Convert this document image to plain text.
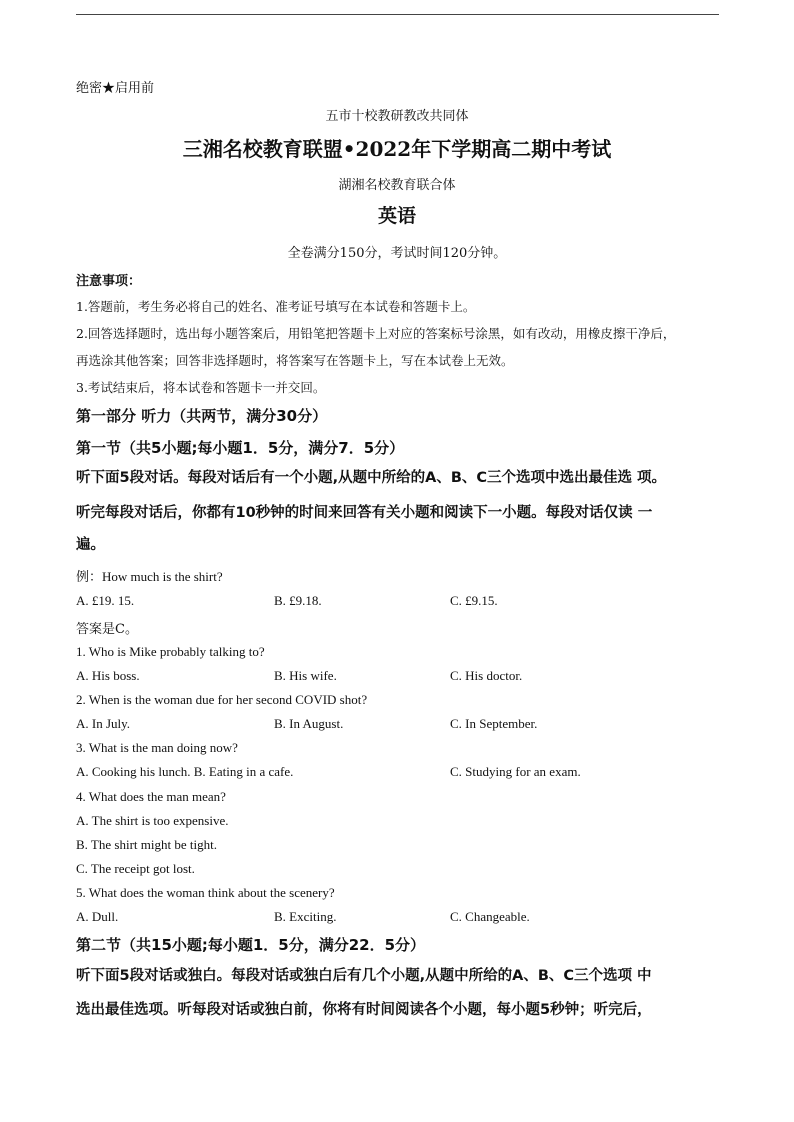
绝密★启用前
五市十校教研教改共同体
三湘名校教育联盟•2022年下学期高二期中考试
湖湘名校教育联合体
英语
全卷满分150分，考试时间120分钟。
注意事项：
1.答题前，考生务必将自己的姓名、准考证号填写在本试卷和答题卡上。
2.回答选择题时，选出每小题答案后，用铅笔把答题卡上对应的答案标号涂黑，如有改动，用橡皮擦干净后，
再选涂其他答案；回答非选择题时，将答案写在答题卡上，写在本试卷上无效。
3.考试结束后，将本试卷和答题卡一并交回。
第一部分 听力（共两节，满分30分）
第一节（共5小题;每小题1．5分，满分7．5分）
听下面5段对话。每段对话后有一个小题,从题中所给的A、B、C三个选项中选出最佳选 项。
听完每段对话后，你都有10秒钟的时间来回答有关小题和阅读下一小题。每段对话仅读 一
遍。
例：How much is the shirt?
A. £19. 15.	B. £9.18.	C. £9.15.
答案是C。
1. Who is Mike probably talking to?
A. His boss.	B. His wife.	C. His doctor.
2. When is the woman due for her second COVID shot?
A. In July.	B. In August.	C. In September.
3. What is the man doing now?
A. Cooking his lunch. B. Eating in a cafe.	C. Studying for an exam.
4. What does the man mean?
A. The shirt is too expensive.
B. The shirt might be tight.
C. The receipt got lost.
5. What does the woman think about the scenery?
A. Dull.	B. Exciting.	C. Changeable.
第二节（共15小题;每小题1．5分，满分22．5分）
听下面5段对话或独白。每段对话或独白后有几个小题,从题中所给的A、B、C三个选项 中
选出最佳选项。听每段对话或独白前，你将有时间阅读各个小题，每小题5秒钟；听完后，
